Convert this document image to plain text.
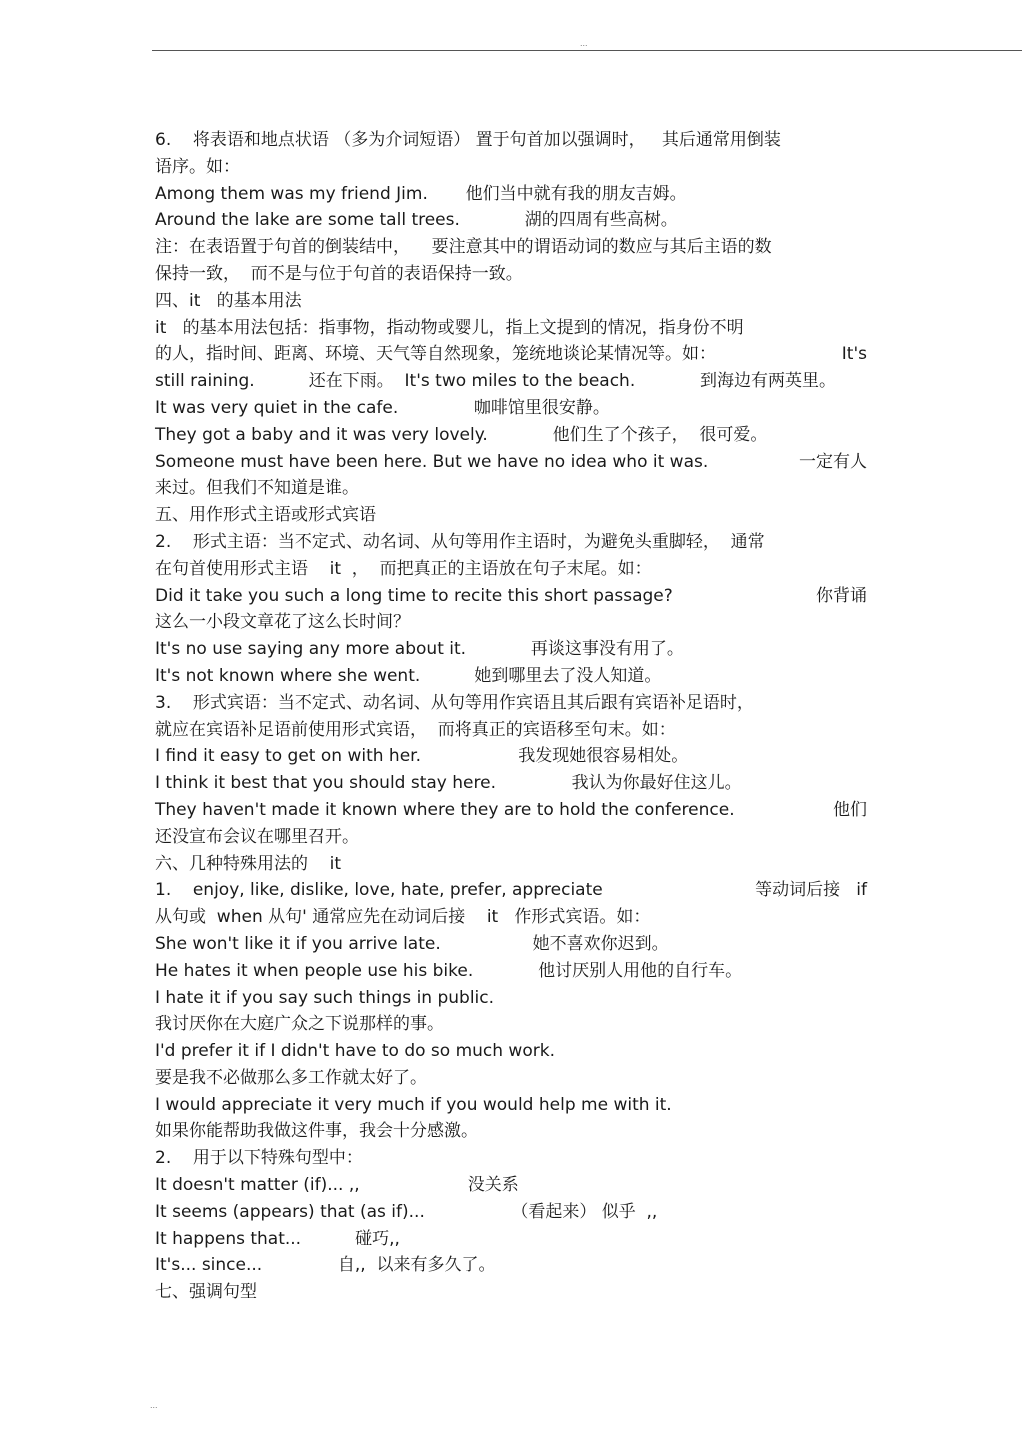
...
6.    将表语和地点状语 （多为介词短语） 置于句首加以强调时，   其后通常用倒装
语序。如：
Among them was my friend Jim.       他们当中就有我的朋友吉姆。
Around the lake are some tall trees.            湖的四周有些高树。
注：在表语置于句首的倒装结中，    要注意其中的谓语动词的数应与其后主语的数
保持一致，  而不是与位于句首的表语保持一致。
四、it   的基本用法
it   的基本用法包括：指事物，指动物或婴儿，指上文提到的情况，指身份不明
的人，指时间、距离、环境、天气等自然现象，笼统地谈论某情况等。如：	It's
still raining.          还在下雨。  It's two miles to the beach.            到海边有两英里。
It was very quiet in the cafe.              咖啡馆里很安静。
They got a baby and it was very lovely.            他们生了个孩子，  很可爱。
Someone must have been here. But we have no idea who it was.	一定有人
来过。但我们不知道是谁。
五、用作形式主语或形式宾语
2.    形式主语：当不定式、动名词、从句等用作主语时，为避免头重脚轻，  通常
在句首使用形式主语    it  ，  而把真正的主语放在句子末尾。如：
Did it take you such a long time to recite this short passage?	你背诵
这么一小段文章花了这么长时间？
It's no use saying any more about it.            再谈这事没有用了。
It's not known where she went.          她到哪里去了没人知道。
3.    形式宾语：当不定式、动名词、从句等用作宾语且其后跟有宾语补足语时，
就应在宾语补足语前使用形式宾语，  而将真正的宾语移至句末。如：
I find it easy to get on with her.                  我发现她很容易相处。
I think it best that you should stay here.              我认为你最好住这儿。
They haven't made it known where they are to hold the conference.	他们
还没宣布会议在哪里召开。
六、几种特殊用法的    it
1.    enjoy, like, dislike, love, hate, prefer, appreciate	等动词后接   if
从句或  when 从句' 通常应先在动词后接    it   作形式宾语。如：
She won't like it if you arrive late.                 她不喜欢你迟到。
He hates it when people use his bike.            他讨厌别人用他的自行车。
I hate it if you say such things in public.
我讨厌你在大庭广众之下说那样的事。
I'd prefer it if I didn't have to do so much work.
要是我不必做那么多工作就太好了。
I would appreciate it very much if you would help me with it.
如果你能帮助我做这件事，我会十分感激。
2.    用于以下特殊句型中：
It doesn't matter (if)... ,,                    没关系
It seems (appears) that (as if)...                （看起来） 似乎  ,,
It happens that...          碰巧,,
It's... since...              自,,  以来有多久了。
七、强调句型
...
